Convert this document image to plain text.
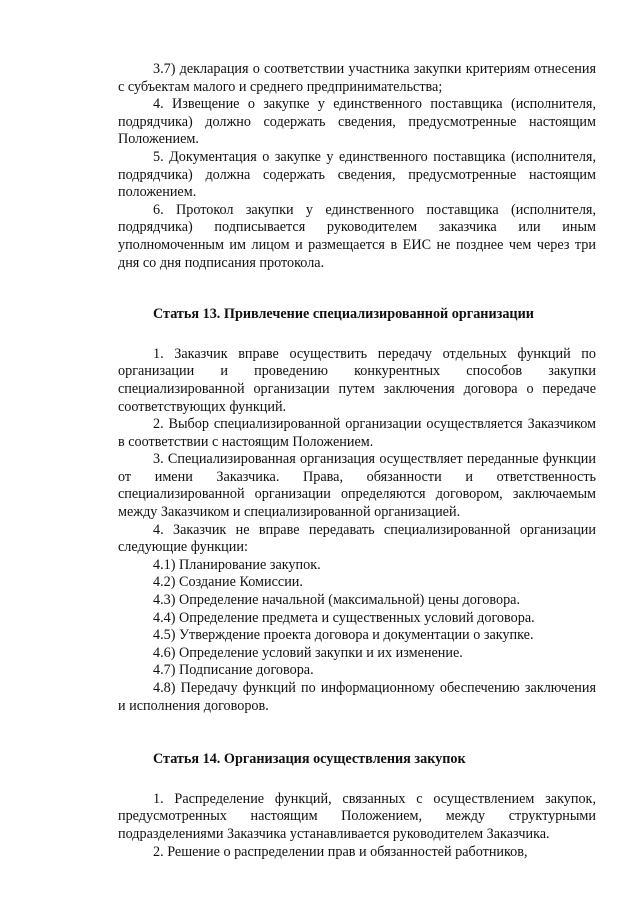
3.7) декларация о соответствии участника закупки критериям отнесения с субъектам малого и среднего предпринимательства;

4. Извещение о закупке у единственного поставщика (исполнителя, подрядчика) должно содержать сведения, предусмотренные настоящим Положением.

5. Документация о закупке у единственного поставщика (исполнителя, подрядчика) должна содержать сведения, предусмотренные настоящим положением.

6. Протокол закупки у единственного поставщика (исполнителя, подрядчика) подписывается руководителем заказчика или иным уполномоченным им лицом и размещается в ЕИС не позднее чем через три дня со дня подписания протокола.

Статья 13. Привлечение специализированной организации

1. Заказчик вправе осуществить передачу отдельных функций по организации и проведению конкурентных способов закупки специализированной организации путем заключения договора о передаче соответствующих функций.

2. Выбор специализированной организации осуществляется Заказчиком в соответствии с настоящим Положением.

3. Специализированная организация осуществляет переданные функции от имени Заказчика. Права, обязанности и ответственность специализированной организации определяются договором, заключаемым между Заказчиком и специализированной организацией.

4. Заказчик не вправе передавать специализированной организации следующие функции:

4.1) Планирование закупок.

4.2) Создание Комиссии.

4.3) Определение начальной (максимальной) цены договора.

4.4) Определение предмета и существенных условий договора.

4.5) Утверждение проекта договора и документации о закупке.

4.6) Определение условий закупки и их изменение.

4.7) Подписание договора.

4.8) Передачу функций по информационному обеспечению заключения и исполнения договоров.

Статья 14. Организация осуществления закупок

1. Распределение функций, связанных с осуществлением закупок, предусмотренных настоящим Положением, между структурными подразделениями Заказчика устанавливается руководителем Заказчика.

2. Решение о распределении прав и обязанностей работников,
